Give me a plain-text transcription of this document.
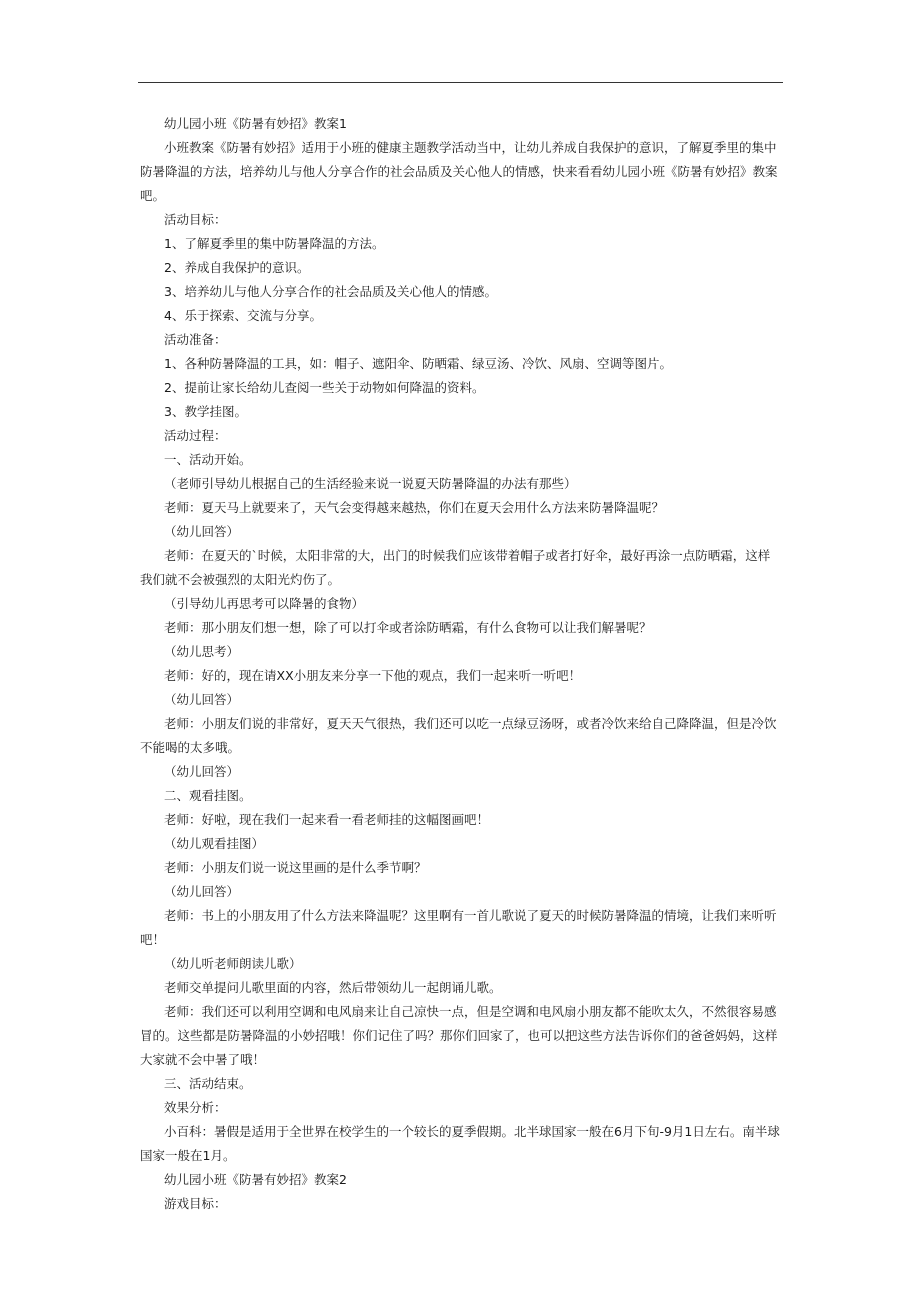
幼儿园小班《防暑有妙招》教案1

小班教案《防暑有妙招》适用于小班的健康主题教学活动当中，让幼儿养成自我保护的意识，了解夏季里的集中防暑降温的方法，培养幼儿与他人分享合作的社会品质及关心他人的情感，快来看看幼儿园小班《防暑有妙招》教案吧。

活动目标：

1、了解夏季里的集中防暑降温的方法。

2、养成自我保护的意识。

3、培养幼儿与他人分享合作的社会品质及关心他人的情感。

4、乐于探索、交流与分享。

活动准备：

1、各种防暑降温的工具，如：帽子、遮阳伞、防晒霜、绿豆汤、冷饮、风扇、空调等图片。

2、提前让家长给幼儿查阅一些关于动物如何降温的资料。

3、教学挂图。

活动过程：

一、活动开始。

（老师引导幼儿根据自己的生活经验来说一说夏天防暑降温的办法有那些）

老师：夏天马上就要来了，天气会变得越来越热，你们在夏天会用什么方法来防暑降温呢？

（幼儿回答）

老师：在夏天的`时候，太阳非常的大，出门的时候我们应该带着帽子或者打好伞，最好再涂一点防晒霜，这样我们就不会被强烈的太阳光灼伤了。

（引导幼儿再思考可以降暑的食物）

老师：那小朋友们想一想，除了可以打伞或者涂防晒霜，有什么食物可以让我们解暑呢？

（幼儿思考）

老师：好的，现在请XX小朋友来分享一下他的观点，我们一起来听一听吧！

（幼儿回答）

老师：小朋友们说的非常好，夏天天气很热，我们还可以吃一点绿豆汤呀，或者冷饮来给自己降降温，但是冷饮不能喝的太多哦。

（幼儿回答）

二、观看挂图。

老师：好啦，现在我们一起来看一看老师挂的这幅图画吧！

（幼儿观看挂图）

老师：小朋友们说一说这里画的是什么季节啊？

（幼儿回答）

老师：书上的小朋友用了什么方法来降温呢？这里啊有一首儿歌说了夏天的时候防暑降温的情境，让我们来听听吧！

（幼儿听老师朗读儿歌）

老师交单提问儿歌里面的内容，然后带领幼儿一起朗诵儿歌。

老师：我们还可以利用空调和电风扇来让自己凉快一点，但是空调和电风扇小朋友都不能吹太久，不然很容易感冒的。这些都是防暑降温的小妙招哦！你们记住了吗？那你们回家了，也可以把这些方法告诉你们的爸爸妈妈，这样大家就不会中暑了哦！

三、活动结束。

效果分析：

小百科：暑假是适用于全世界在校学生的一个较长的夏季假期。北半球国家一般在6月下旬-9月1日左右。南半球国家一般在1月。

幼儿园小班《防暑有妙招》教案2

游戏目标：
